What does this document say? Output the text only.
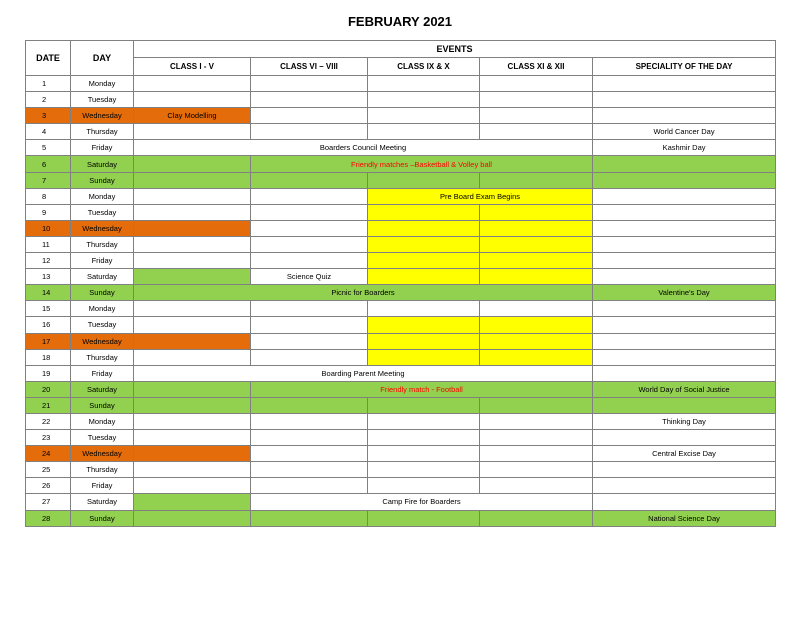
FEBRUARY 2021
DATE	DAY	EVENTS				
		CLASS I - V	CLASS VI – VIII	CLASS IX & X	CLASS XI & XII	SPECIALITY OF THE DAY
1	Monday					
2	Tuesday					
3	Wednesday	Clay Modelling				
4	Thursday					World Cancer Day
5	Friday	Boarders Council Meeting				Kashmir Day
6	Saturday		Friendly matches –Basketball & Volley ball			
7	Sunday					
8	Monday			Pre Board Exam Begins		
9	Tuesday					
10	Wednesday					
11	Thursday					
12	Friday					
13	Saturday		Science Quiz			
14	Sunday	Picnic for Boarders				Valentine's Day
15	Monday					
16	Tuesday					
17	Wednesday					
18	Thursday					
19	Friday	Boarding Parent Meeting				
20	Saturday		Friendly match - Football			World Day of Social Justice
21	Sunday					
22	Monday					Thinking Day
23	Tuesday					
24	Wednesday					Central Excise Day
25	Thursday					
26	Friday					
27	Saturday		Camp Fire for Boarders			
28	Sunday					National Science Day
